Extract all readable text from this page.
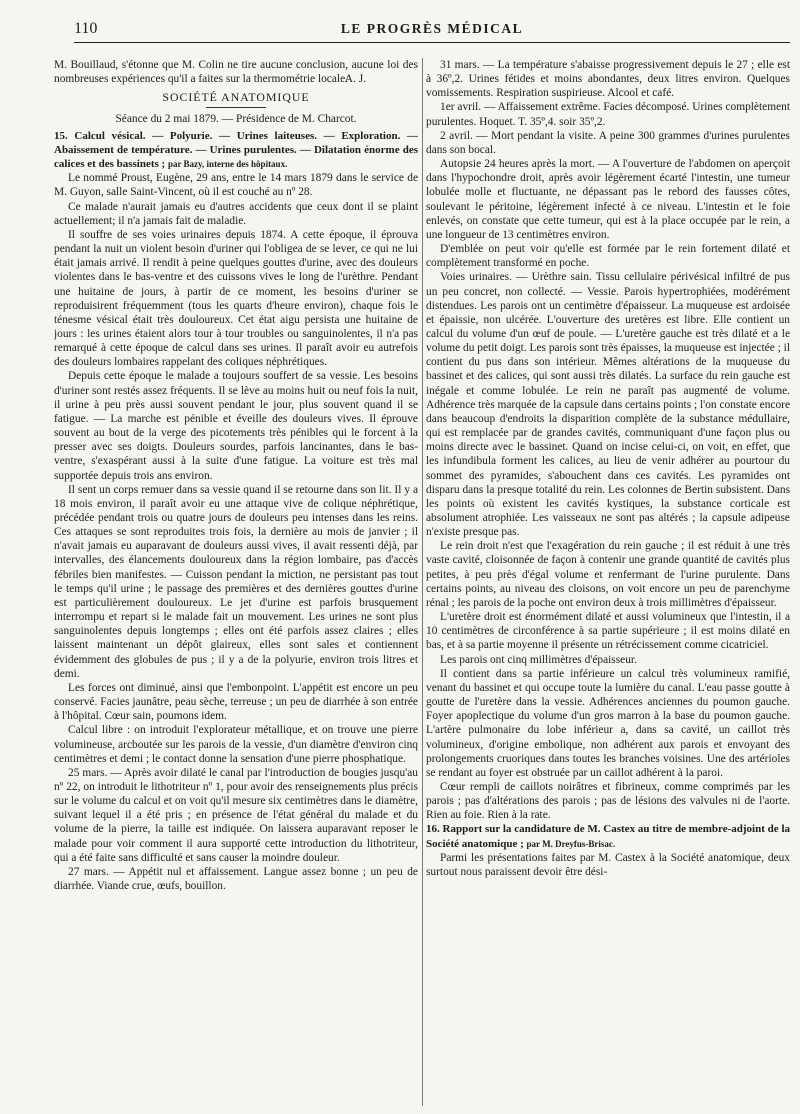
110	LE PROGRÈS MÉDICAL

M. Bouillaud, s'étonne que M. Colin ne tire aucune conclusion, aucune loi des nombreuses expériences qu'il a faites sur la thermométrie locale.

A. J.
SOCIÉTÉ ANATOMIQUE
Séance du 2 mai 1879. — Présidence de M. Charcot.

15. Calcul vésical. — Polyurie. — Urines laiteuses. — Exploration. — Abaissement de température. — Urines purulentes. — Dilatation énorme des calices et des bassinets ; par Bazy, interne des hôpitaux.

Le nommé Proust, Eugène, 29 ans, entre le 14 mars 1879 dans le service de M. Guyon, salle Saint-Vincent, où il est couché au nº 28.

Ce malade n'aurait jamais eu d'autres accidents que ceux dont il se plaint actuellement; il n'a jamais fait de maladie.

Il souffre de ses voies urinaires depuis 1874. A cette époque, il éprouva pendant la nuit un violent besoin d'uriner qui l'obligea de se lever, ce qui ne lui était jamais arrivé. Il rendit à peine quelques gouttes d'urine, avec des douleurs violentes dans le bas-ventre et des cuissons vives le long de l'urèthre. Pendant une huitaine de jours, à partir de ce moment, les besoins d'uriner se reproduisirent fréquemment (tous les quarts d'heure environ), chaque fois le ténesme vésical était très douloureux. Cet état aigu persista une huitaine de jours : les urines étaient alors tour à tour troubles ou sanguinolentes, il n'a pas remarqué à cette époque de calcul dans ses urines. Il paraît avoir eu autrefois des douleurs lombaires rappelant des coliques néphrétiques.

Depuis cette époque le malade a toujours souffert de sa vessie. Les besoins d'uriner sont restés assez fréquents. Il se lève au moins huit ou neuf fois la nuit, il urine à peu près aussi souvent pendant le jour, plus souvent quand il se fatigue. — La marche est pénible et éveille des douleurs vives. Il éprouve souvent au bout de la verge des picotements très pénibles qui le forcent à la presser avec ses doigts. Douleurs sourdes, parfois lancinantes, dans le bas-ventre, s'exaspérant aussi à la suite d'une fatigue. La voiture est très mal supportée depuis trois ans environ.

Il sent un corps remuer dans sa vessie quand il se retourne dans son lit. Il y a 18 mois environ, il paraît avoir eu une attaque vive de colique néphrétique, précédée pendant trois ou quatre jours de douleurs peu intenses dans les reins. Ces attaques se sont reproduites trois fois, la dernière au mois de janvier ; il n'avait jamais eu auparavant de douleurs aussi vives, il avait ressenti déjà, par intervalles, des élancements douloureux dans la région lombaire, pas d'accès fébriles bien manifestes. — Cuisson pendant la miction, ne persistant pas tout le temps qu'il urine ; le passage des premières et des dernières gouttes d'urine est particulièrement douloureux. Le jet d'urine est parfois brusquement interrompu et repart si le malade fait un mouvement. Les urines ne sont plus sanguinolentes depuis longtemps ; elles ont été parfois assez claires ; elles laissent maintenant un dépôt glaireux, elles sont sales et contiennent évidemment des globules de pus ; il y a de la polyurie, environ trois litres et demi.

Les forces ont diminué, ainsi que l'embonpoint. L'appétit est encore un peu conservé. Facies jaunâtre, peau sèche, terreuse ; un peu de diarrhée à son entrée à l'hôpital. Cœur sain, poumons idem.

Calcul libre : on introduit l'explorateur métallique, et on trouve une pierre volumineuse, arcboutée sur les parois de la vessie, d'un diamètre d'environ cinq centimètres et demi ; le contact donne la sensation d'une pierre phosphatique.

25 mars. — Après avoir dilaté le canal par l'introduction de bougies jusqu'au nº 22, on introduit le lithotriteur nº 1, pour avoir des renseignements plus précis sur le volume du calcul et on voit qu'il mesure six centimètres dans le diamètre, suivant lequel il a été pris ; en présence de l'état général du malade et du volume de la pierre, la taille est indiquée. On laissera auparavant reposer le malade pour voir comment il aura supporté cette introduction du lithotriteur, qui a été faite sans difficulté et sans causer la moindre douleur.

27 mars. — Appétit nul et affaissement. Langue assez bonne ; un peu de diarrhée. Viande crue, œufs, bouillon.

31 mars. — La température s'abaisse progressivement depuis le 27 ; elle est à 36º,2. Urines fétides et moins abondantes, deux litres environ. Quelques vomissements. Respiration suspirieuse. Alcool et café.

1er avril. — Affaissement extrême. Facies décomposé. Urines complètement purulentes. Hoquet. T. 35º,4. soir 35º,2.

2 avril. — Mort pendant la visite. A peine 300 grammes d'urines purulentes dans son bocal.

Autopsie 24 heures après la mort. — A l'ouverture de l'abdomen on aperçoit dans l'hypochondre droit, après avoir légèrement écarté l'intestin, une tumeur lobulée molle et fluctuante, ne dépassant pas le rebord des fausses côtes, soulevant le péritoine, légèrement infecté à ce niveau. L'intestin et le foie enlevés, on constate que cette tumeur, qui est à la place occupée par le rein, a une longueur de 13 centimètres environ.

D'emblée on peut voir qu'elle est formée par le rein fortement dilaté et complètement transformé en poche.

Voies urinaires. — Urèthre sain. Tissu cellulaire périvésical infiltré de pus un peu concret, non collecté. — Vessie. Parois hypertrophiées, modérément distendues. Les parois ont un centimètre d'épaisseur. La muqueuse est ardoisée et épaissie, non ulcérée. L'ouverture des uretères est libre. Elle contient un calcul du volume d'un œuf de poule. — L'uretère gauche est très dilaté et a le volume du petit doigt. Les parois sont très épaisses, la muqueuse est injectée ; il contient du pus dans son intérieur. Mêmes altérations de la muqueuse du bassinet et des calices, qui sont aussi très dilatés. La surface du rein gauche est inégale et comme lobulée. Le rein ne paraît pas augmenté de volume. Adhérence très marquée de la capsule dans certains points ; l'on constate encore dans beaucoup d'endroits la disparition complète de la substance médullaire, qui est remplacée par de grandes cavités, communiquant d'une façon plus ou moins directe avec le bassinet. Quand on incise celui-ci, on voit, en effet, que les infundibula forment les calices, au lieu de venir adhérer au pourtour du sommet des pyramides, s'abouchent dans ces cavités. Les pyramides ont disparu dans la presque totalité du rein. Les colonnes de Bertin subsistent. Dans les points où existent les cavités kystiques, la substance corticale est absolument atrophiée. Les vaisseaux ne sont pas altérés ; la capsule adipeuse n'existe presque pas.

Le rein droit n'est que l'exagération du rein gauche ; il est réduit à une très vaste cavité, cloisonnée de façon à contenir une grande quantité de cavités plus petites, à peu près d'égal volume et renfermant de l'urine purulente. Dans certains points, au niveau des cloisons, on voit encore un peu de parenchyme rénal ; les parois de la poche ont environ deux à trois millimètres d'épaisseur.

L'uretère droit est énormément dilaté et aussi volumineux que l'intestin, il a 10 centimètres de circonférence à sa partie supérieure ; il est moins dilaté en bas, et à sa partie moyenne il présente un rétrécissement comme cicatriciel.

Les parois ont cinq millimètres d'épaisseur.

Il contient dans sa partie inférieure un calcul très volumineux ramifié, venant du bassinet et qui occupe toute la lumière du canal. L'eau passe goutte à goutte de l'uretère dans la vessie. Adhérences anciennes du poumon gauche. Foyer apoplectique du volume d'un gros marron à la base du poumon gauche. L'artère pulmonaire du lobe inférieur a, dans sa cavité, un caillot très volumineux, d'origine embolique, non adhérent aux parois et envoyant des prolongements cruoriques dans toutes les branches voisines. Une des artérioles se rendant au foyer est obstruée par un caillot adhérent à la paroi.

Cœur rempli de caillots noirâtres et fibrineux, comme comprimés par les parois ; pas d'altérations des parois ; pas de lésions des valvules ni de l'aorte. Rien au foie. Rien à la rate.

16. Rapport sur la candidature de M. Castex au titre de membre-adjoint de la Société anatomique ; par M. Dreyfus-Brisac.

Parmi les présentations faites par M. Castex à la Société anatomique, deux surtout nous paraissent devoir être dési-
